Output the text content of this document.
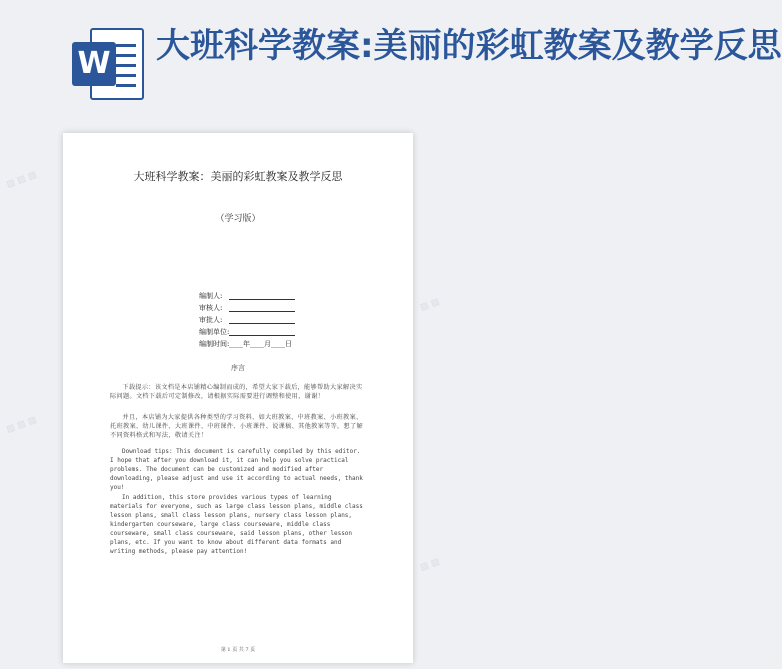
W 大班科学教案:美丽的彩虹教案及教学反思
大班科学教案：美丽的彩虹教案及教学反思
（学习版）
编制人:
审核人:
审批人:
编制单位:
编制时间: ____年____月____日
序言
下载提示：该文档是本店铺精心编制而成的，希望大家下载后，能够帮助大家解决实际问题。文档下载后可定制修改，请根据实际需要进行调整和使用，谢谢！
并且，本店铺为大家提供各种类型的学习资料，如大班教案、中班教案、小班教案、托班教案、幼儿课件、大班课件、中班课件、小班课件、说课稿、其他教案等等，想了解不同资料格式和写法，敬请关注！
Download tips: This document is carefully compiled by this editor. I hope that after you download it, it can help you solve practical problems. The document can be customized and modified after downloading, please adjust and use it according to actual needs, thank you!
In addition, this store provides various types of learning materials for everyone, such as large class lesson plans, middle class lesson plans, small class lesson plans, nursery class lesson plans, kindergarten courseware, large class courseware, middle class courseware, small class courseware, said lesson plans, other lesson plans, etc. If you want to know about different data formats and writing methods, please pay attention!
第 1 页 共 7 页
▨ ▨ ▨
▨ ▨
▨ ▨ ▨
▨ ▨
